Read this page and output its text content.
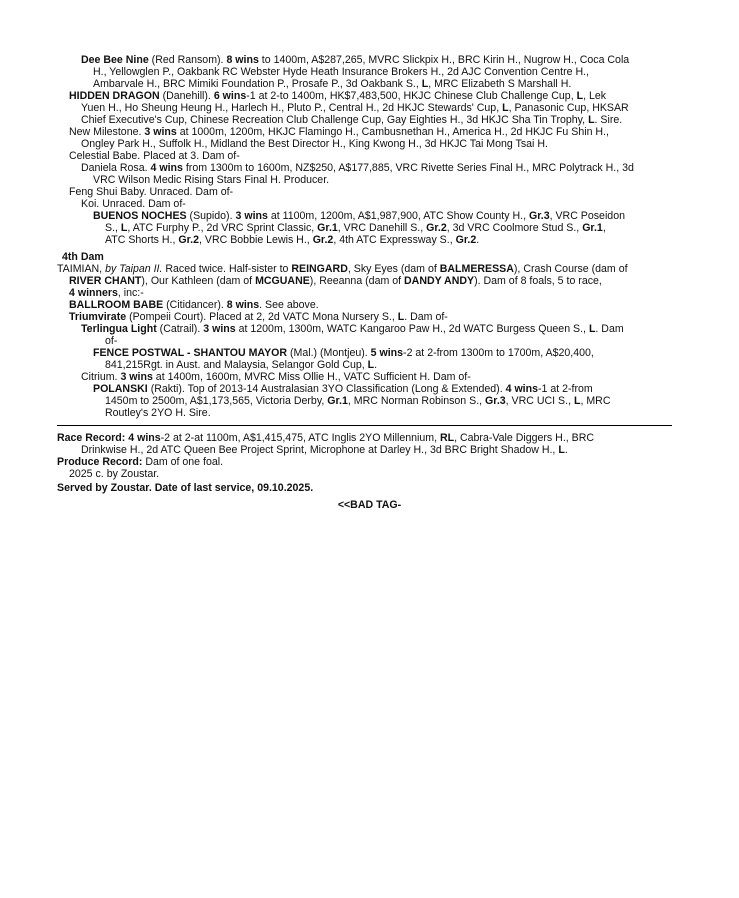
Dee Bee Nine (Red Ransom). 8 wins to 1400m, A$287,265, MVRC Slickpix H., BRC Kirin H., Nugrow H., Coca Cola
H., Yellowglen P., Oakbank RC Webster Hyde Heath Insurance Brokers H., 2d AJC Convention Centre H.,
Ambarvale H., BRC Mimiki Foundation P., Prosafe P., 3d Oakbank S., L, MRC Elizabeth S Marshall H.
HIDDEN DRAGON (Danehill). 6 wins-1 at 2-to 1400m, HK$7,483,500, HKJC Chinese Club Challenge Cup, L, Lek
Yuen H., Ho Sheung Heung H., Harlech H., Pluto P., Central H., 2d HKJC Stewards' Cup, L, Panasonic Cup, HKSAR
Chief Executive's Cup, Chinese Recreation Club Challenge Cup, Gay Eighties H., 3d HKJC Sha Tin Trophy, L. Sire.
New Milestone. 3 wins at 1000m, 1200m, HKJC Flamingo H., Cambusnethan H., America H., 2d HKJC Fu Shin H.,
Ongley Park H., Suffolk H., Midland the Best Director H., King Kwong H., 3d HKJC Tai Mong Tsai H.
Celestial Babe. Placed at 3. Dam of-
Daniela Rosa. 4 wins from 1300m to 1600m, NZ$250, A$177,885, VRC Rivette Series Final H., MRC Polytrack H., 3d
VRC Wilson Medic Rising Stars Final H. Producer.
Feng Shui Baby. Unraced. Dam of-
Koi. Unraced. Dam of-
BUENOS NOCHES (Supido). 3 wins at 1100m, 1200m, A$1,987,900, ATC Show County H., Gr.3, VRC Poseidon
S., L, ATC Furphy P., 2d VRC Sprint Classic, Gr.1, VRC Danehill S., Gr.2, 3d VRC Coolmore Stud S., Gr.1,
ATC Shorts H., Gr.2, VRC Bobbie Lewis H., Gr.2, 4th ATC Expressway S., Gr.2.
4th Dam
TAIMIAN, by Taipan II. Raced twice. Half-sister to REINGARD, Sky Eyes (dam of BALMERESSA), Crash Course (dam of
RIVER CHANT), Our Kathleen (dam of MCGUANE), Reeanna (dam of DANDY ANDY). Dam of 8 foals, 5 to race,
4 winners, inc:-
BALLROOM BABE (Citidancer). 8 wins. See above.
Triumvirate (Pompeii Court). Placed at 2, 2d VATC Mona Nursery S., L. Dam of-
Terlingua Light (Catrail). 3 wins at 1200m, 1300m, WATC Kangaroo Paw H., 2d WATC Burgess Queen S., L. Dam
of-
FENCE POSTWAL - SHANTOU MAYOR (Mal.) (Montjeu). 5 wins-2 at 2-from 1300m to 1700m, A$20,400,
841,215Rgt. in Aust. and Malaysia, Selangor Gold Cup, L.
Citrium. 3 wins at 1400m, 1600m, MVRC Miss Ollie H., VATC Sufficient H. Dam of-
POLANSKI (Rakti). Top of 2013-14 Australasian 3YO Classification (Long & Extended). 4 wins-1 at 2-from
1450m to 2500m, A$1,173,565, Victoria Derby, Gr.1, MRC Norman Robinson S., Gr.3, VRC UCI S., L, MRC
Routley's 2YO H. Sire.
Race Record: 4 wins-2 at 2-at 1100m, A$1,415,475, ATC Inglis 2YO Millennium, RL, Cabra-Vale Diggers H., BRC
Drinkwise H., 2d ATC Queen Bee Project Sprint, Microphone at Darley H., 3d BRC Bright Shadow H., L.
Produce Record: Dam of one foal.
2025 c. by Zoustar.
Served by Zoustar. Date of last service, 09.10.2025.
<<BAD TAG-
